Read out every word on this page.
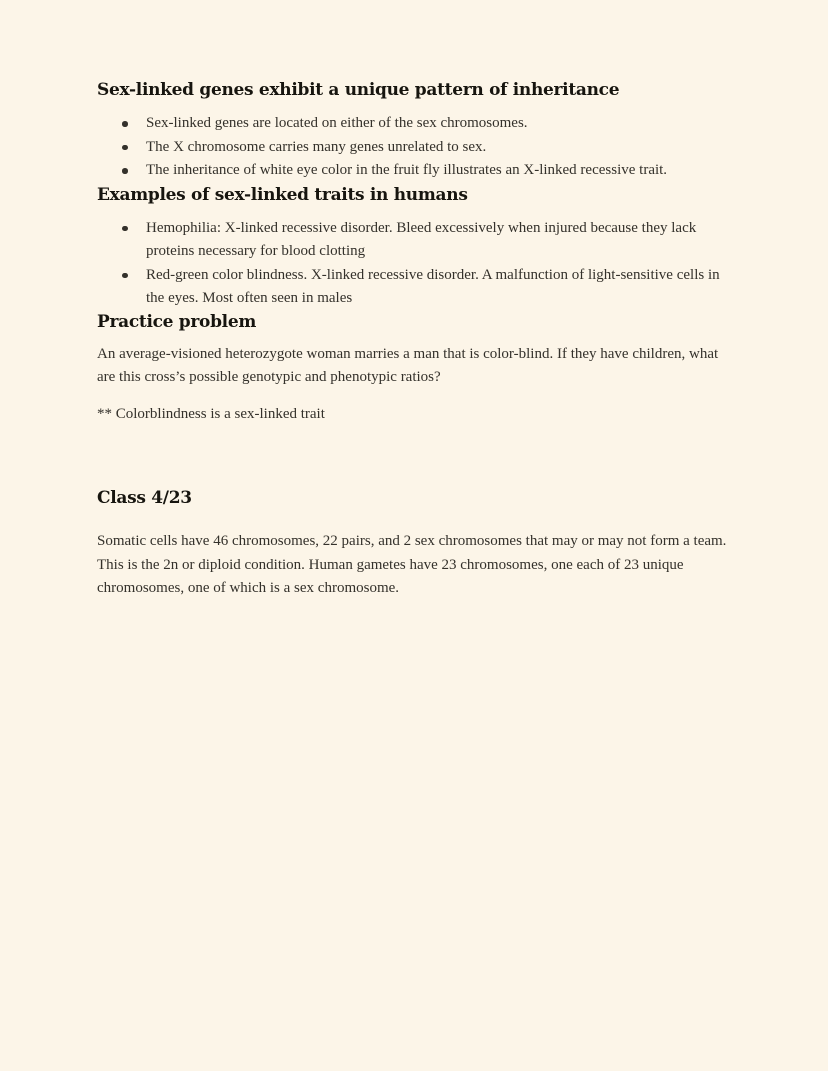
Sex-linked genes exhibit a unique pattern of inheritance
Sex-linked genes are located on either of the sex chromosomes.
The X chromosome carries many genes unrelated to sex.
The inheritance of white eye color in the fruit fly illustrates an X-linked recessive trait.
Examples of sex-linked traits in humans
Hemophilia: X-linked recessive disorder. Bleed excessively when injured because they lack proteins necessary for blood clotting
Red-green color blindness. X-linked recessive disorder. A malfunction of light-sensitive cells in the eyes. Most often seen in males
Practice problem

An average-visioned heterozygote woman marries a man that is color-blind. If they have children, what are this cross’s possible genotypic and phenotypic ratios?

** Colorblindness is a sex-linked trait

Class 4/23

Somatic cells have 46 chromosomes, 22 pairs, and 2 sex chromosomes that may or may not form a team. This is the 2n or diploid condition. Human gametes have 23 chromosomes, one each of 23 unique chromosomes, one of which is a sex chromosome.
